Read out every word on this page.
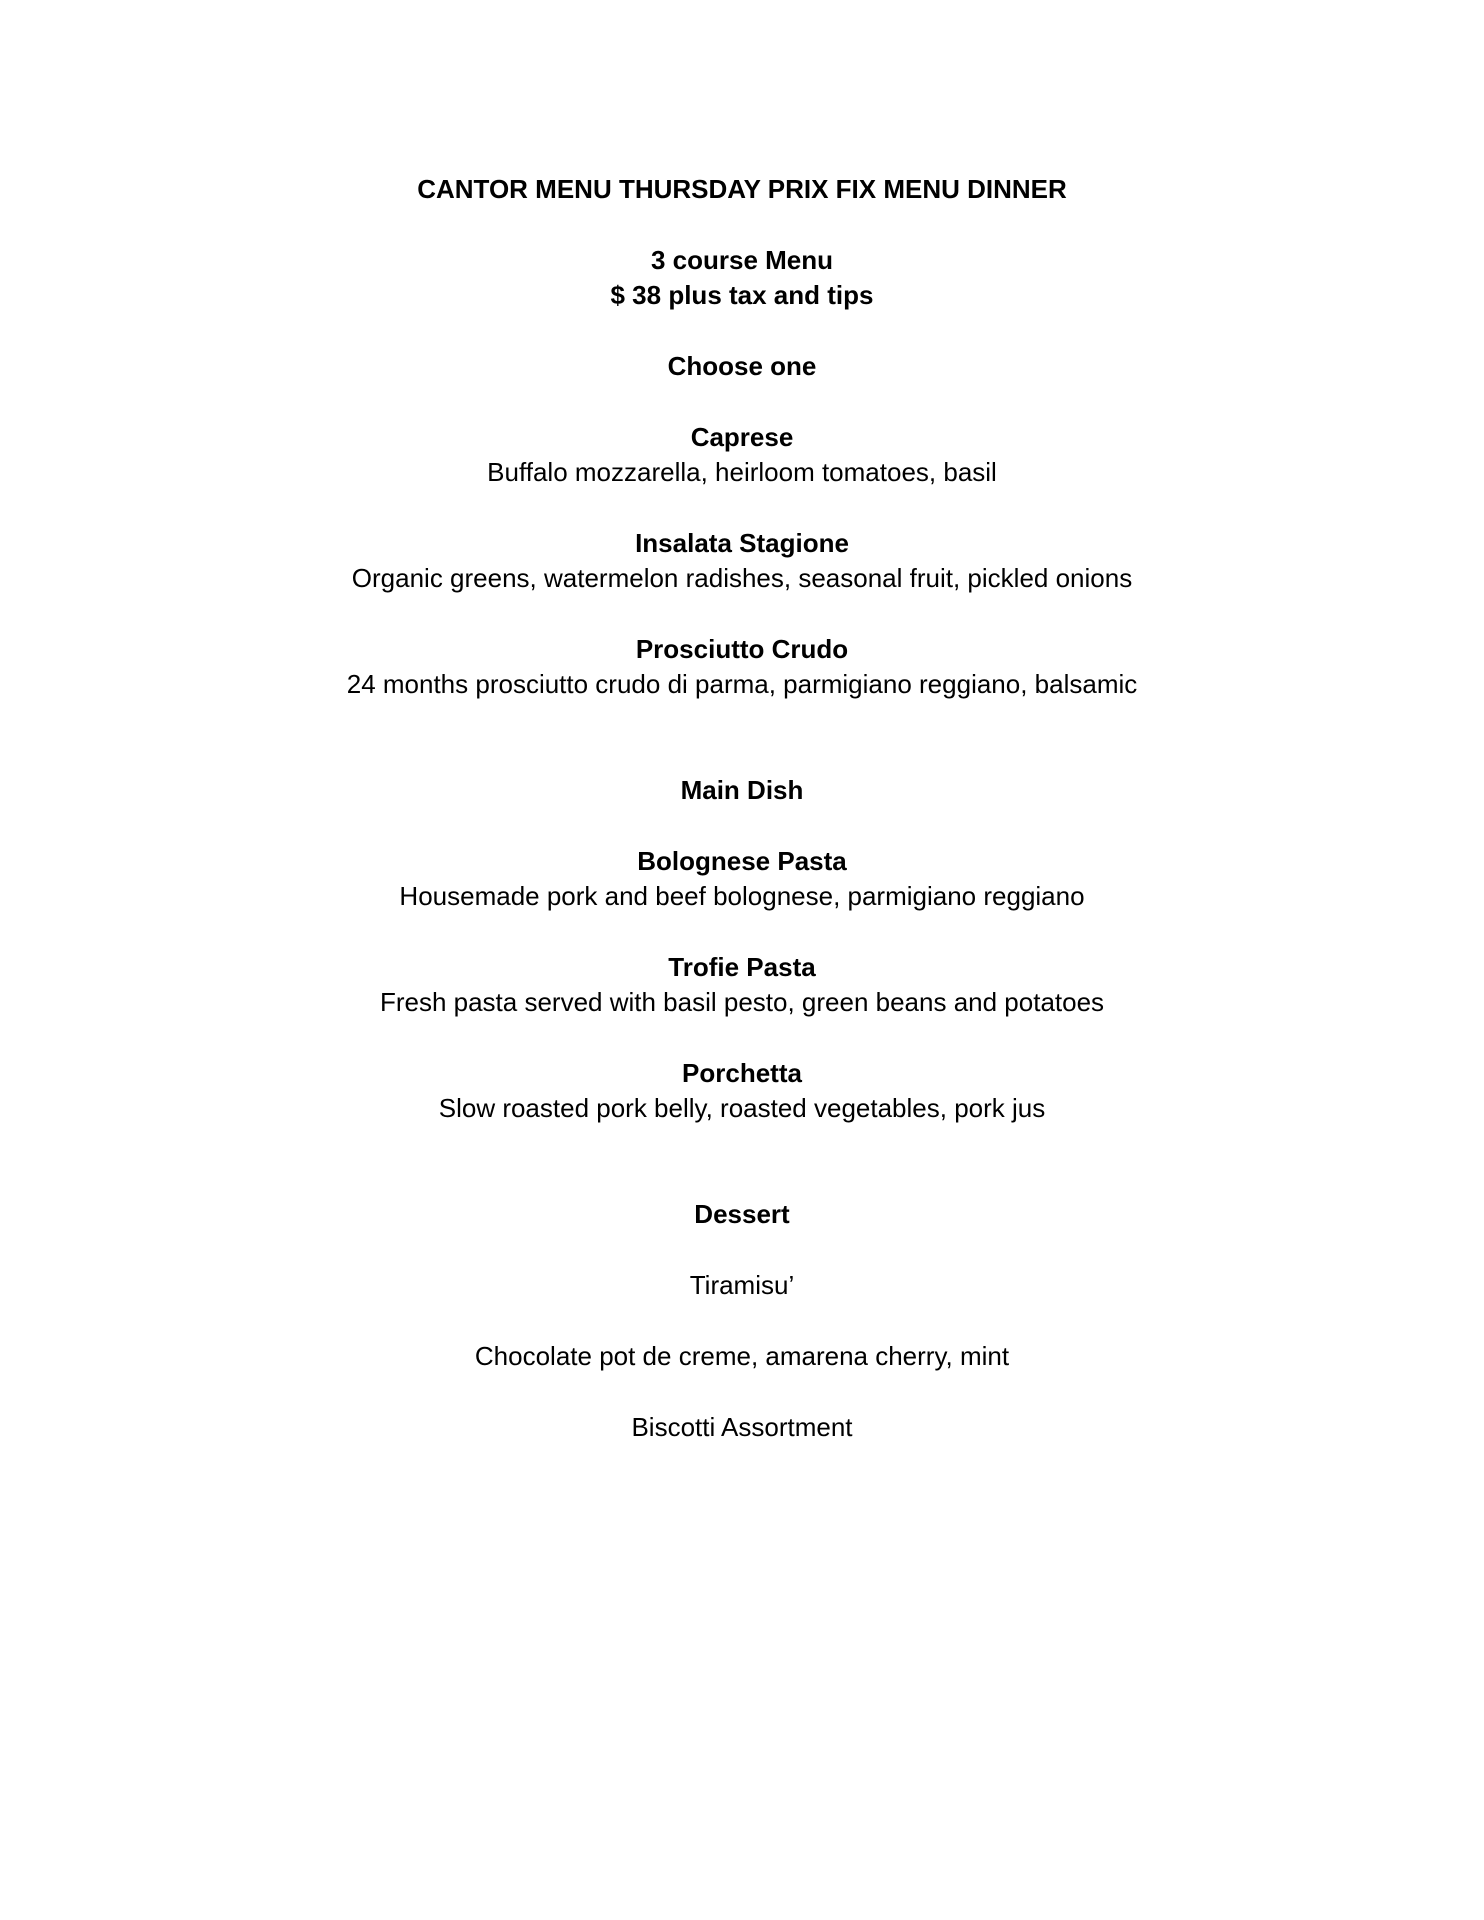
CANTOR MENU THURSDAY PRIX FIX MENU DINNER
3 course Menu
$ 38 plus tax and tips
Choose one
Caprese
Buffalo mozzarella, heirloom tomatoes, basil
Insalata Stagione
Organic greens, watermelon radishes, seasonal fruit, pickled onions
Prosciutto Crudo
24 months prosciutto crudo di parma, parmigiano reggiano, balsamic
Main Dish
Bolognese Pasta
Housemade pork and beef bolognese, parmigiano reggiano
Trofie Pasta
Fresh pasta served with basil pesto, green beans and potatoes
Porchetta
Slow roasted pork belly, roasted vegetables, pork jus
Dessert
Tiramisu’
Chocolate pot de creme, amarena cherry, mint
Biscotti Assortment
